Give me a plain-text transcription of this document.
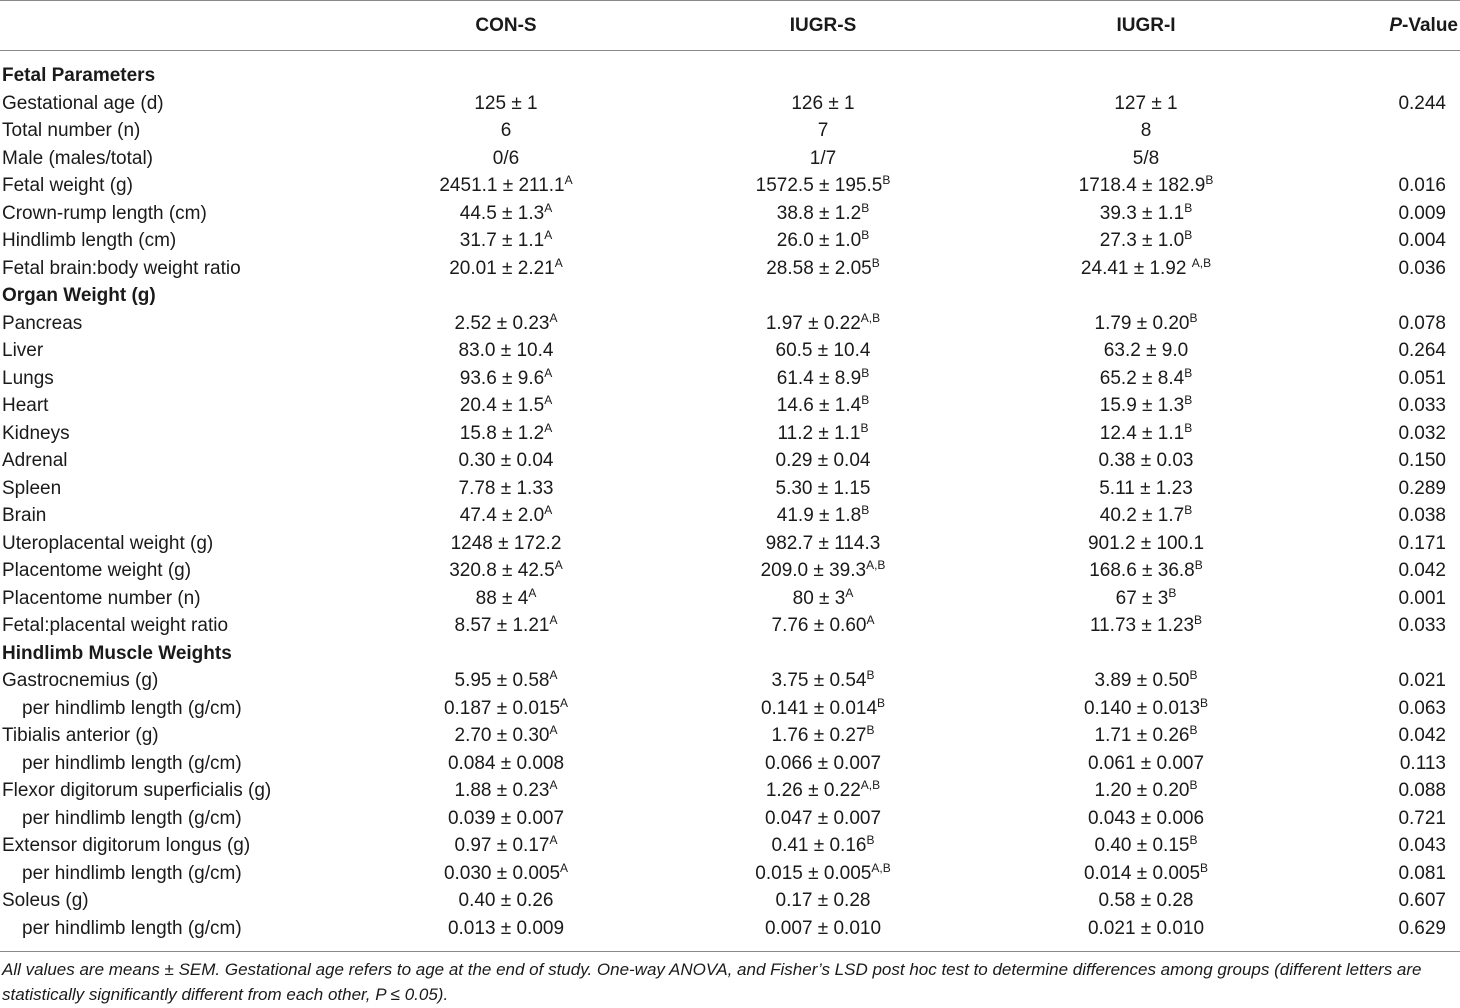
CON-S	IUGR-S	IUGR-I	P-Value
Fetal Parameters
Gestational age (d)	125 ± 1	126 ± 1	127 ± 1	0.244
Total number (n)	6	7	8
Male (males/total)	0/6	1/7	5/8
Fetal weight (g)	$2451.1 \pm 211.1^A$	$1572.5 \pm 195.5^B$	$1718.4 \pm 182.9^B$	0.016
Crown-rump length (cm)	$44.5 \pm 1.3^A$	$38.8 \pm 1.2^B$	$39.3 \pm 1.1^B$	0.009
Hindlimb length (cm)	$31.7 \pm 1.1^A$	$26.0 \pm 1.0^B$	$27.3 \pm 1.0^B$	0.004
Fetal brain:body weight ratio	$20.01 \pm 2.21^A$	$28.58 \pm 2.05^B$	24.41 ± 1.92 $^{A,B}$	0.036
Organ Weight (g)
Pancreas	$2.52 \pm 0.23^A$	$1.97 \pm 0.22^{A,B}$	$1.79 \pm 0.20^B$	0.078
Liver	83.0 ± 10.4	60.5 ± 10.4	63.2 ± 9.0	0.264
Lungs	$93.6 \pm 9.6^A$	$61.4 \pm 8.9^B$	$65.2 \pm 8.4^B$	0.051
Heart	$20.4 \pm 1.5^A$	$14.6 \pm 1.4^B$	$15.9 \pm 1.3^B$	0.033
Kidneys	$15.8 \pm 1.2^A$	$11.2 \pm 1.1^B$	$12.4 \pm 1.1^B$	0.032
Adrenal	0.30 ± 0.04	0.29 ± 0.04	0.38 ± 0.03	0.150
Spleen	7.78 ± 1.33	5.30 ± 1.15	5.11 ± 1.23	0.289
Brain	$47.4 \pm 2.0^A$	$41.9 \pm 1.8^B$	$40.2 \pm 1.7^B$	0.038
Uteroplacental weight (g)	1248 ± 172.2	982.7 ± 114.3	901.2 ± 100.1	0.171
Placentome weight (g)	$320.8 \pm 42.5^A$	$209.0 \pm 39.3^{A,B}$	$168.6 \pm 36.8^B$	0.042
Placentome number (n)	$88 \pm 4^A$	$80 \pm 3^A$	$67 \pm 3^B$	0.001
Fetal:placental weight ratio	$8.57 \pm 1.21^A$	$7.76 \pm 0.60^A$	$11.73 \pm 1.23^B$	0.033
Hindlimb Muscle Weights
Gastrocnemius (g)	$5.95 \pm 0.58^A$	$3.75 \pm 0.54^B$	$3.89 \pm 0.50^B$	0.021
per hindlimb length (g/cm)	$0.187 \pm 0.015^A$	$0.141 \pm 0.014^B$	$0.140 \pm 0.013^B$	0.063
Tibialis anterior (g)	$2.70 \pm 0.30^A$	$1.76 \pm 0.27^B$	$1.71 \pm 0.26^B$	0.042
per hindlimb length (g/cm)	0.084 ± 0.008	0.066 ± 0.007	0.061 ± 0.007	0.113
Flexor digitorum superficialis (g)	$1.88 \pm 0.23^A$	$1.26 \pm 0.22^{A,B}$	$1.20 \pm 0.20^B$	0.088
per hindlimb length (g/cm)	0.039 ± 0.007	0.047 ± 0.007	0.043 ± 0.006	0.721
Extensor digitorum longus (g)	$0.97 \pm 0.17^A$	$0.41 \pm 0.16^B$	$0.40 \pm 0.15^B$	0.043
per hindlimb length (g/cm)	$0.030 \pm 0.005^A$	$0.015 \pm 0.005^{A,B}$	$0.014 \pm 0.005^B$	0.081
Soleus (g)	0.40 ± 0.26	0.17 ± 0.28	0.58 ± 0.28	0.607
per hindlimb length (g/cm)	0.013 ± 0.009	0.007 ± 0.010	0.021 ± 0.010	0.629
All values are means ± SEM. Gestational age refers to age at the end of study. One-way ANOVA, and Fisher’s LSD post hoc test to determine differences among groups (different letters are statistically significantly different from each other, P ≤ 0.05).
